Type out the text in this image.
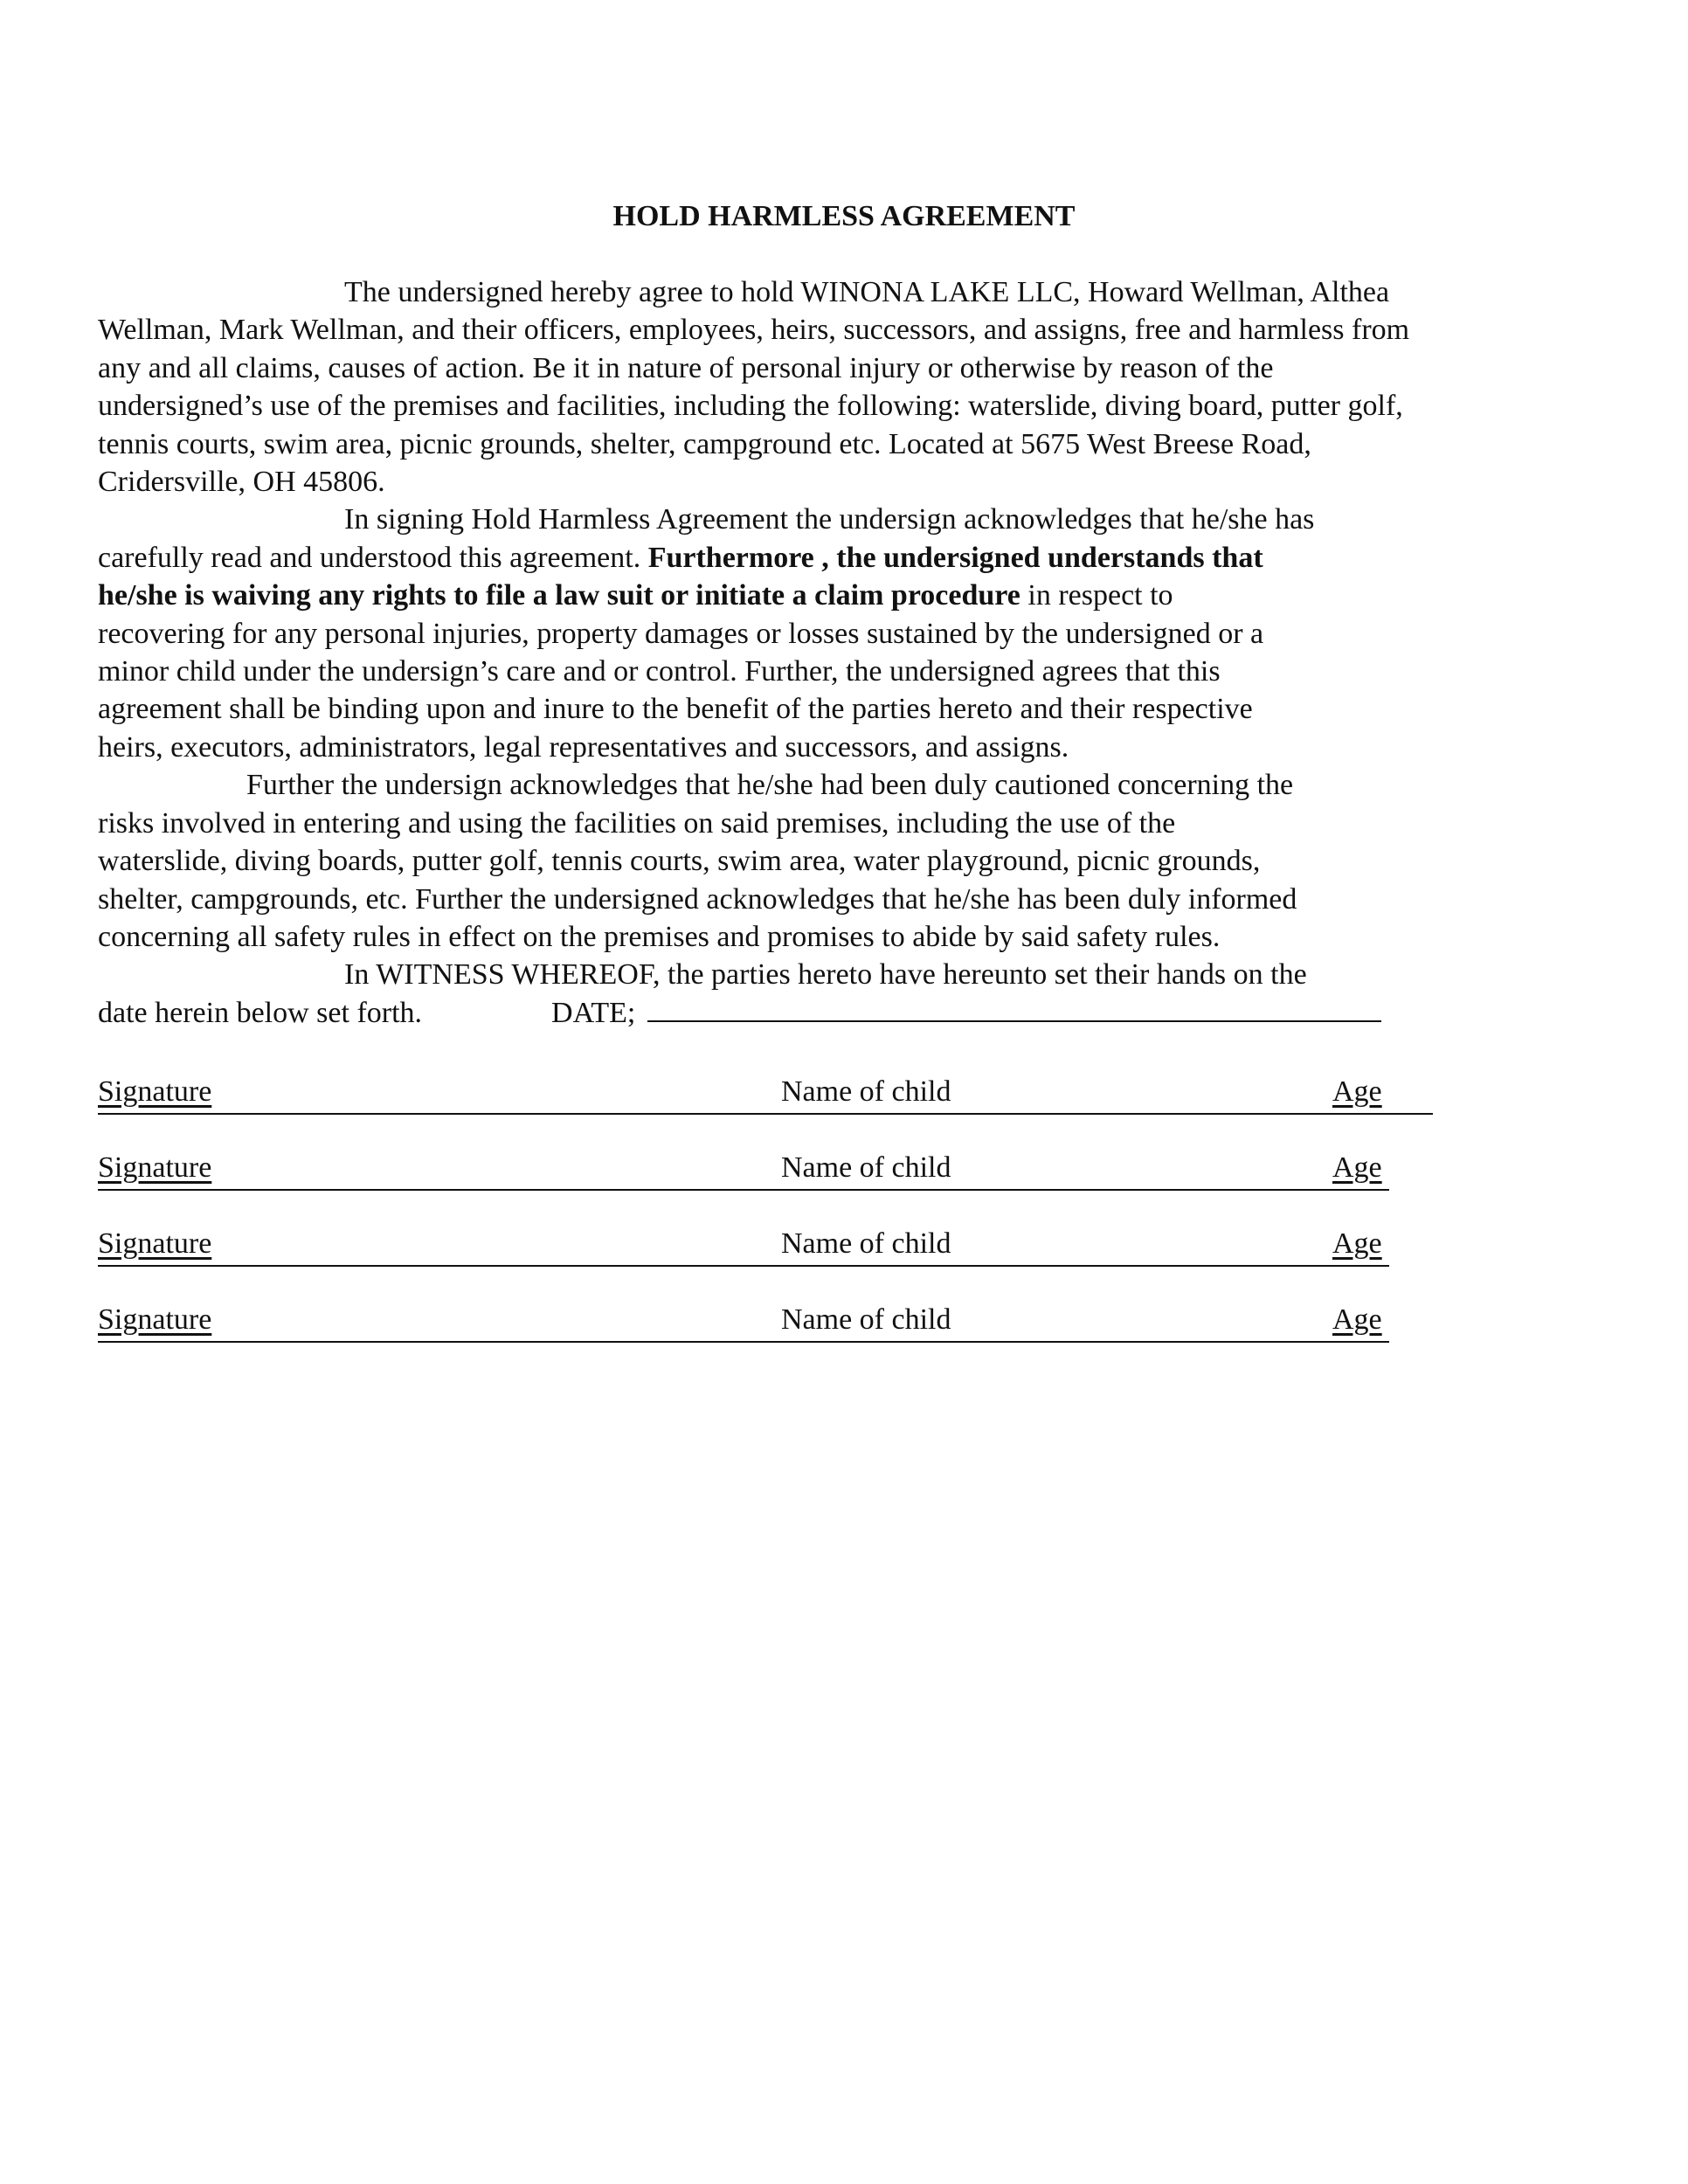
HOLD HARMLESS AGREEMENT

The undersigned hereby agree to hold WINONA LAKE LLC, Howard Wellman, Althea
Wellman, Mark Wellman, and their officers, employees, heirs, successors, and assigns, free and harmless from
any and all claims, causes of action. Be it in nature of personal injury or otherwise by reason of the
undersigned’s use of the premises and facilities, including the following: waterslide, diving board, putter golf,
tennis courts, swim area, picnic grounds, shelter, campground etc. Located at 5675 West Breese Road,
Cridersville, OH 45806.

In signing Hold Harmless Agreement the undersign acknowledges that he/she has
carefully read and understood this agreement. Furthermore , the undersigned understands that
he/she is waiving any rights to file a law suit or initiate a claim procedure in respect to
recovering for any personal injuries, property damages or losses sustained by the undersigned or a
minor child under the undersign’s care and or control. Further, the undersigned agrees that this
agreement shall be binding upon and inure to the benefit of the parties hereto and their respective
heirs, executors, administrators, legal representatives and successors, and assigns.

Further the undersign acknowledges that he/she had been duly cautioned concerning the
risks involved in entering and using the facilities on said premises, including the use of the
waterslide, diving boards, putter golf, tennis courts, swim area, water playground, picnic grounds,
shelter, campgrounds, etc. Further the undersigned acknowledges that he/she has been duly informed
concerning all safety rules in effect on the premises and promises to abide by said safety rules.

In WITNESS WHEREOF, the parties hereto have hereunto set their hands on the
date herein below set forth.	DATE;

Signature	Name of child	Age
Signature	Name of child	Age
Signature	Name of child	Age
Signature	Name of child	Age
